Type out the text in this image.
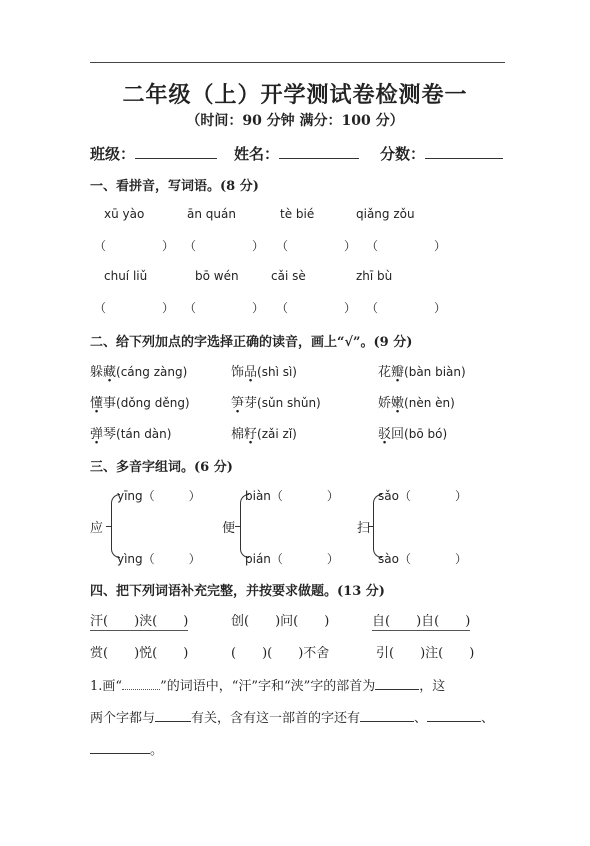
二年级（上）开学测试卷检测卷一
（时间：90 分钟 满分：100 分）
班级：	姓名：	分数：
一、看拼音，写词语。(8 分)
xū yào	ān quán	tè bié	qiǎng zǒu
（	） （	） （	） （	）
chuí liǔ	bō wén	cǎi sè	zhī bù
（	） （	） （	） （	）
二、给下列加点的字选择正确的读音，画上“√”。(9 分)
躲藏(cáng zàng)	饰品(shì sì)	花瓣(bàn biàn)
懂事(dǒng děng)	笋芽(sǔn shǔn)	娇嫩(nèn èn)
弹琴(tán dàn)	棉籽(zǎi zǐ)	驳回(bō bó)
三、多音字组词。(6 分)
应
yīng（	）
yìng（	）
便
biàn（	）
pián（	）
扫
sǎo（	）
sào（	）
四、把下列词语补充完整，并按要求做题。(13 分)
汗( )浃( )	创( )问( )	自( )自( )
赏( )悦( )	( )( )不舍	引( )注( )
1.画“	”的词语中，“汗”字和“浃”字的部首为	，这
两个字都与	有关，含有这一部首的字还有	、	、
。
